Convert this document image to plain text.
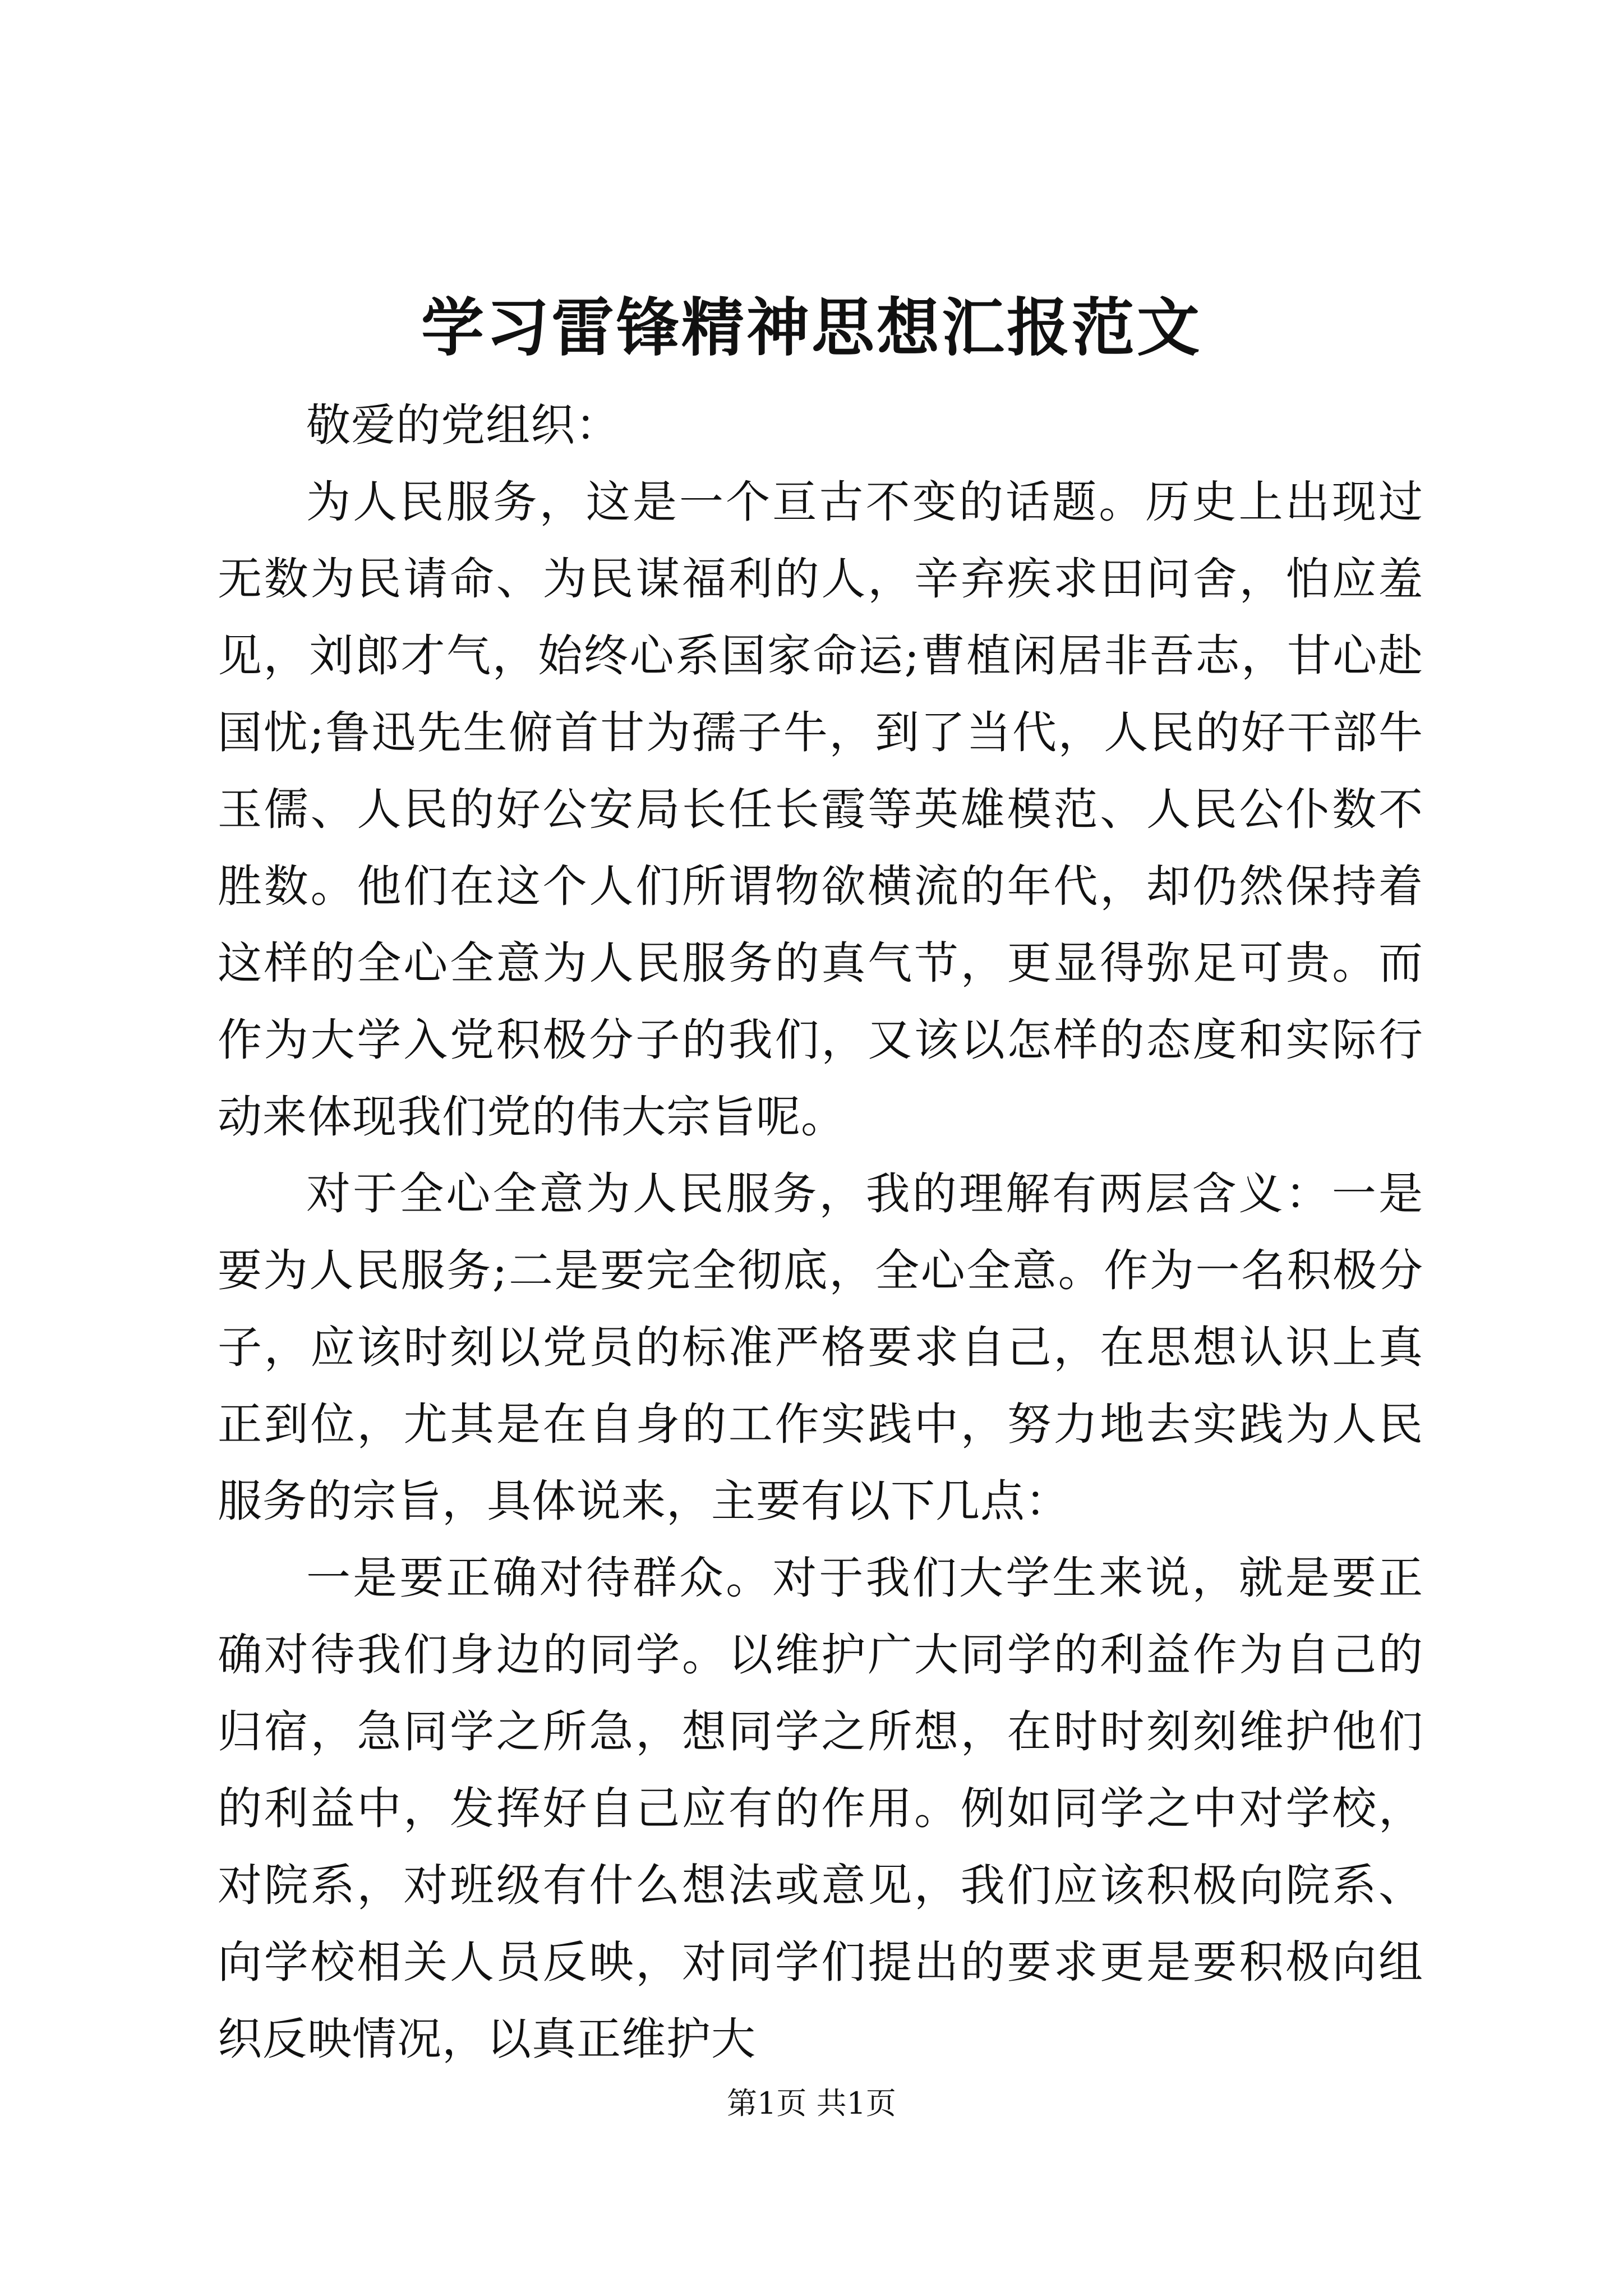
学习雷锋精神思想汇报范文

敬爱的党组织：

为人民服务，这是一个亘古不变的话题。历史上出现过无数为民请命、为民谋福利的人，辛弃疾求田问舍，怕应羞见，刘郎才气，始终心系国家命运;曹植闲居非吾志，甘心赴国忧;鲁迅先生俯首甘为孺子牛，到了当代，人民的好干部牛玉儒、人民的好公安局长任长霞等英雄模范、人民公仆数不胜数。他们在这个人们所谓物欲横流的年代，却仍然保持着这样的全心全意为人民服务的真气节，更显得弥足可贵。而作为大学入党积极分子的我们，又该以怎样的态度和实际行动来体现我们党的伟大宗旨呢。

对于全心全意为人民服务，我的理解有两层含义：一是要为人民服务;二是要完全彻底，全心全意。作为一名积极分子，应该时刻以党员的标准严格要求自己，在思想认识上真正到位，尤其是在自身的工作实践中，努力地去实践为人民服务的宗旨，具体说来，主要有以下几点：

一是要正确对待群众。对于我们大学生来说，就是要正确对待我们身边的同学。以维护广大同学的利益作为自己的归宿，急同学之所急，想同学之所想，在时时刻刻维护他们的利益中，发挥好自己应有的作用。例如同学之中对学校，对院系，对班级有什么想法或意见，我们应该积极向院系、向学校相关人员反映，对同学们提出的要求更是要积极向组织反映情况，以真正维护大

第1页 共1页
